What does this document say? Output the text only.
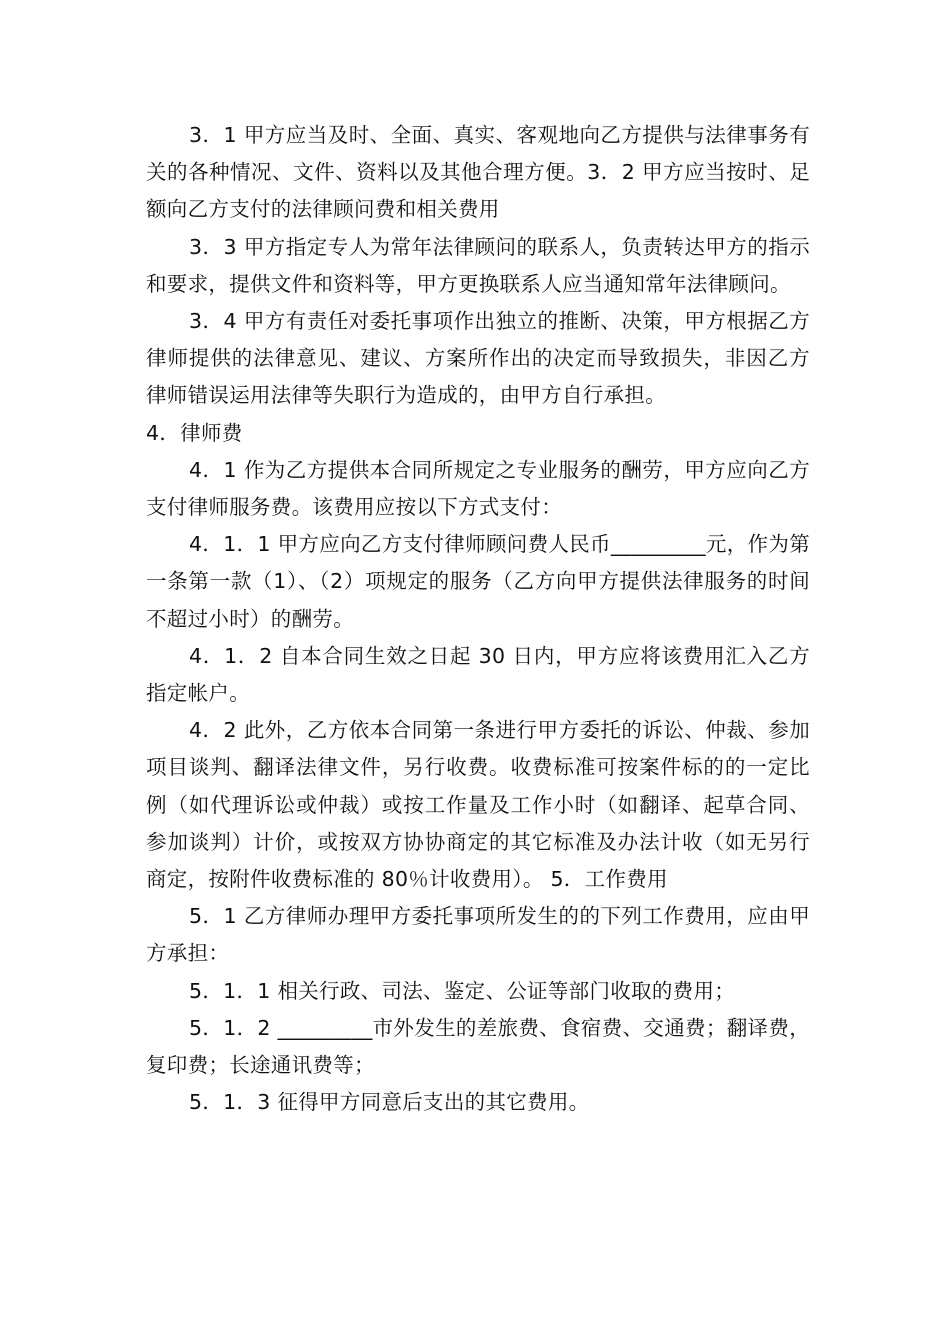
3．1 甲方应当及时、全面、真实、客观地向乙方提供与法律事务有关的各种情况、文件、资料以及其他合理方便。3．2 甲方应当按时、足额向乙方支付的法律顾问费和相关费用

3．3 甲方指定专人为常年法律顾问的联系人，负责转达甲方的指示和要求，提供文件和资料等，甲方更换联系人应当通知常年法律顾问。

3．4 甲方有责任对委托事项作出独立的推断、决策，甲方根据乙方律师提供的法律意见、建议、方案所作出的决定而导致损失，非因乙方律师错误运用法律等失职行为造成的，由甲方自行承担。

4．律师费

4．1 作为乙方提供本合同所规定之专业服务的酬劳，甲方应向乙方支付律师服务费。该费用应按以下方式支付：

4．1．1 甲方应向乙方支付律师顾问费人民币_________元，作为第一条第一款（1）、（2）项规定的服务（乙方向甲方提供法律服务的时间不超过小时）的酬劳。

4．1．2 自本合同生效之日起 30 日内，甲方应将该费用汇入乙方指定帐户。

4．2 此外，乙方依本合同第一条进行甲方委托的诉讼、仲裁、参加项目谈判、翻译法律文件，另行收费。收费标准可按案件标的的一定比例（如代理诉讼或仲裁）或按工作量及工作小时（如翻译、起草合同、参加谈判）计价，或按双方协协商定的其它标准及办法计收（如无另行商定，按附件收费标准的 80％计收费用）。 5．工作费用

5．1 乙方律师办理甲方委托事项所发生的的下列工作费用，应由甲方承担：

5．1．1 相关行政、司法、鉴定、公证等部门收取的费用；

5．1．2 _________市外发生的差旅费、食宿费、交通费；翻译费，复印费；长途通讯费等；

5．1．3 征得甲方同意后支出的其它费用。
